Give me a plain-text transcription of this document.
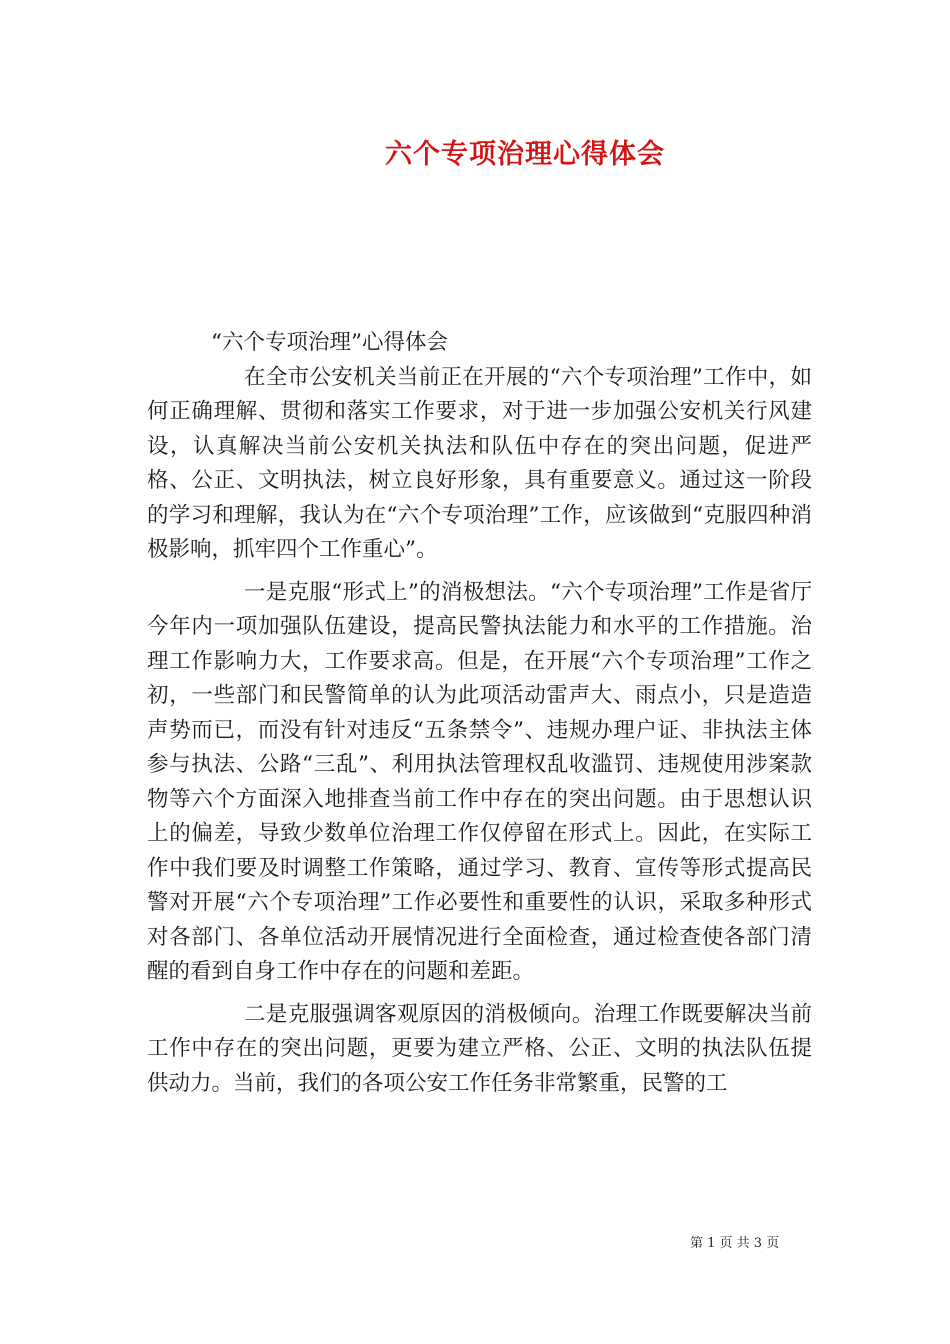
六个专项治理心得体会

“六个专项治理”心得体会

在全市公安机关当前正在开展的“六个专项治理”工作中，如何正确理解、贯彻和落实工作要求，对于进一步加强公安机关行风建设，认真解决当前公安机关执法和队伍中存在的突出问题，促进严格、公正、文明执法，树立良好形象，具有重要意义。通过这一阶段的学习和理解，我认为在“六个专项治理”工作，应该做到“克服四种消极影响，抓牢四个工作重心”。

一是克服“形式上”的消极想法。“六个专项治理”工作是省厅今年内一项加强队伍建设，提高民警执法能力和水平的工作措施。治理工作影响力大，工作要求高。但是，在开展“六个专项治理”工作之初，一些部门和民警简单的认为此项活动雷声大、雨点小，只是造造声势而已，而没有针对违反“五条禁令”、违规办理户证、非执法主体参与执法、公路“三乱”、利用执法管理权乱收滥罚、违规使用涉案款物等六个方面深入地排查当前工作中存在的突出问题。由于思想认识上的偏差，导致少数单位治理工作仅停留在形式上。因此，在实际工作中我们要及时调整工作策略，通过学习、教育、宣传等形式提高民警对开展“六个专项治理”工作必要性和重要性的认识，采取多种形式对各部门、各单位活动开展情况进行全面检查，通过检查使各部门清醒的看到自身工作中存在的问题和差距。

二是克服强调客观原因的消极倾向。治理工作既要解决当前工作中存在的突出问题，更要为建立严格、公正、文明的执法队伍提供动力。当前，我们的各项公安工作任务非常繁重，民警的工

第 1 页 共 3 页
